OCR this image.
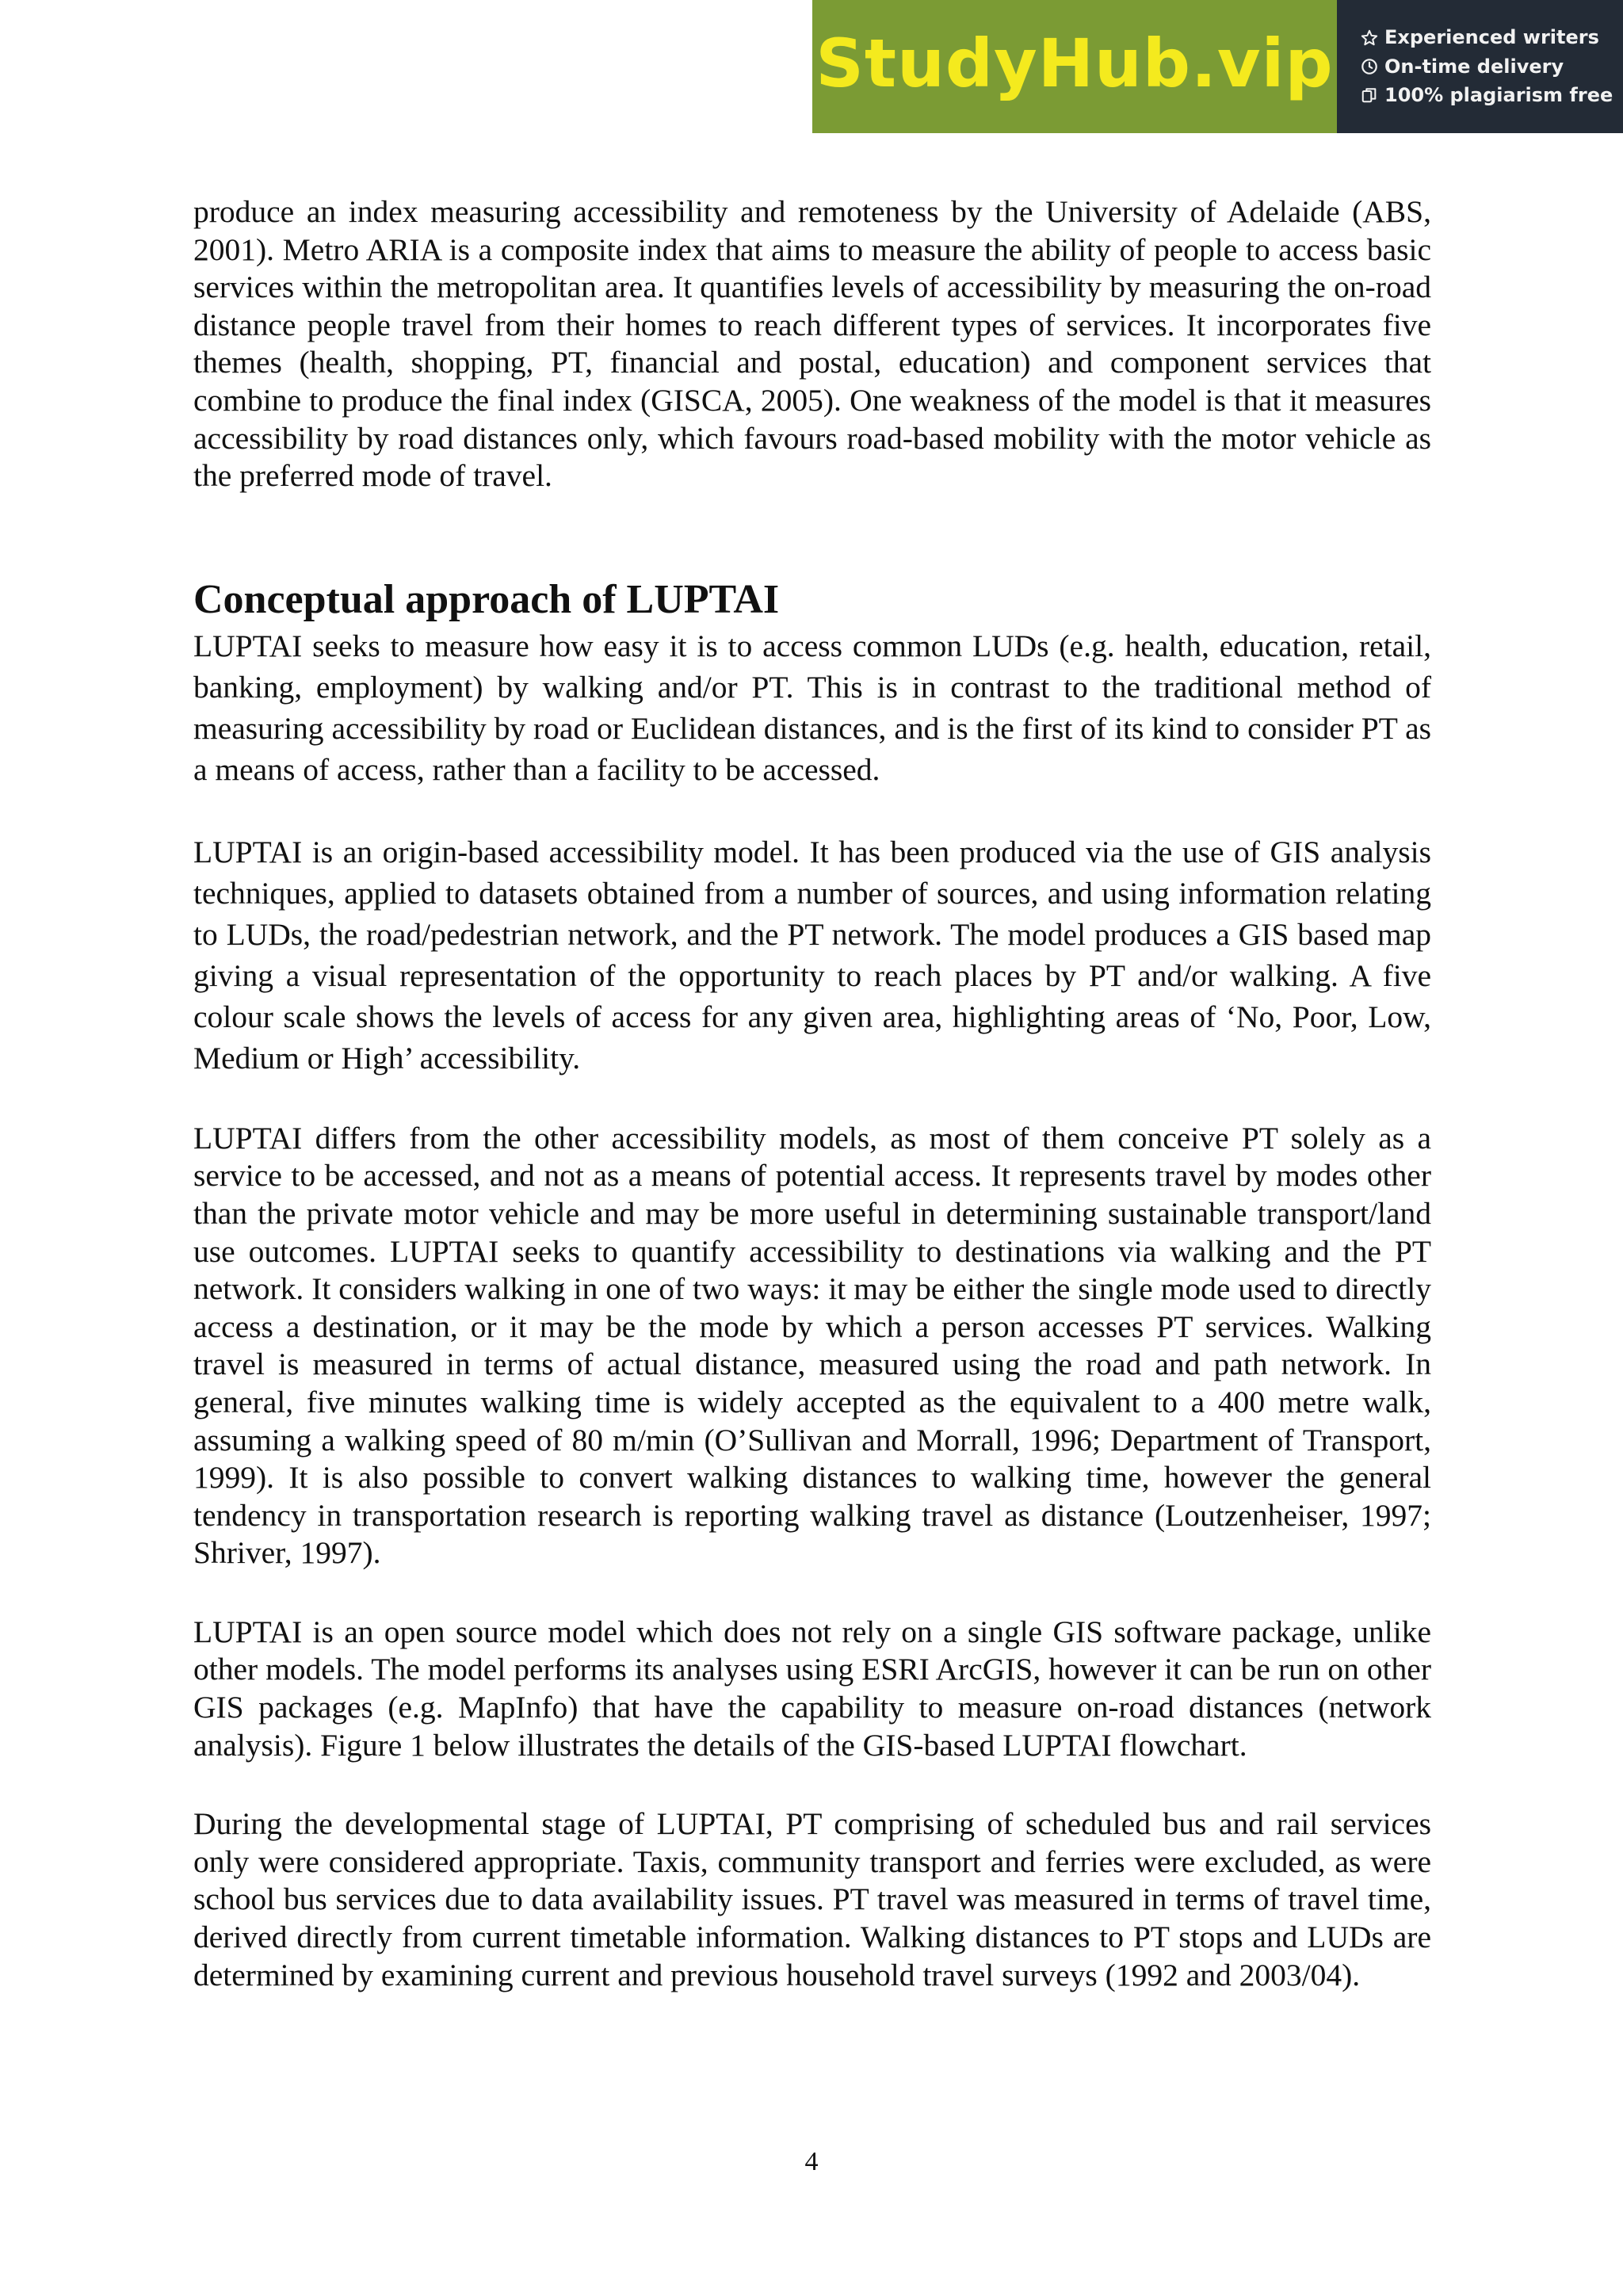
StudyHub.vip	Experienced writers
On-time delivery
100% plagiarism free

produce an index measuring accessibility and remoteness by the University of Adelaide (ABS, 2001). Metro ARIA is a composite index that aims to measure the ability of people to access basic services within the metropolitan area. It quantifies levels of accessibility by measuring the on-road distance people travel from their homes to reach different types of services. It incorporates five themes (health, shopping, PT, financial and postal, education) and component services that combine to produce the final index (GISCA, 2005). One weakness of the model is that it measures accessibility by road distances only, which favours road-based mobility with the motor vehicle as the preferred mode of travel.

Conceptual approach of LUPTAI

LUPTAI seeks to measure how easy it is to access common LUDs (e.g. health, education, retail, banking, employment) by walking and/or PT. This is in contrast to the traditional method of measuring accessibility by road or Euclidean distances, and is the first of its kind to consider PT as a means of access, rather than a facility to be accessed.

LUPTAI is an origin-based accessibility model. It has been produced via the use of GIS analysis techniques, applied to datasets obtained from a number of sources, and using information relating to LUDs, the road/pedestrian network, and the PT network. The model produces a GIS based map giving a visual representation of the opportunity to reach places by PT and/or walking. A five colour scale shows the levels of access for any given area, highlighting areas of ‘No, Poor, Low, Medium or High’ accessibility.

LUPTAI differs from the other accessibility models, as most of them conceive PT solely as a service to be accessed, and not as a means of potential access. It represents travel by modes other than the private motor vehicle and may be more useful in determining sustainable transport/land use outcomes. LUPTAI seeks to quantify accessibility to destinations via walking and the PT network. It considers walking in one of two ways: it may be either the single mode used to directly access a destination, or it may be the mode by which a person accesses PT services. Walking travel is measured in terms of actual distance, measured using the road and path network. In general, five minutes walking time is widely accepted as the equivalent to a 400 metre walk, assuming a walking speed of 80 m/min (O’Sullivan and Morrall, 1996; Department of Transport, 1999). It is also possible to convert walking distances to walking time, however the general tendency in transportation research is reporting walking travel as distance (Loutzenheiser, 1997; Shriver, 1997).

LUPTAI is an open source model which does not rely on a single GIS software package, unlike other models. The model performs its analyses using ESRI ArcGIS, however it can be run on other GIS packages (e.g. MapInfo) that have the capability to measure on-road distances (network analysis). Figure 1 below illustrates the details of the GIS-based LUPTAI flowchart.

During the developmental stage of LUPTAI, PT comprising of scheduled bus and rail services only were considered appropriate. Taxis, community transport and ferries were excluded, as were school bus services due to data availability issues. PT travel was measured in terms of travel time, derived directly from current timetable information. Walking distances to PT stops and LUDs are determined by examining current and previous household travel surveys (1992 and 2003/04).

4
